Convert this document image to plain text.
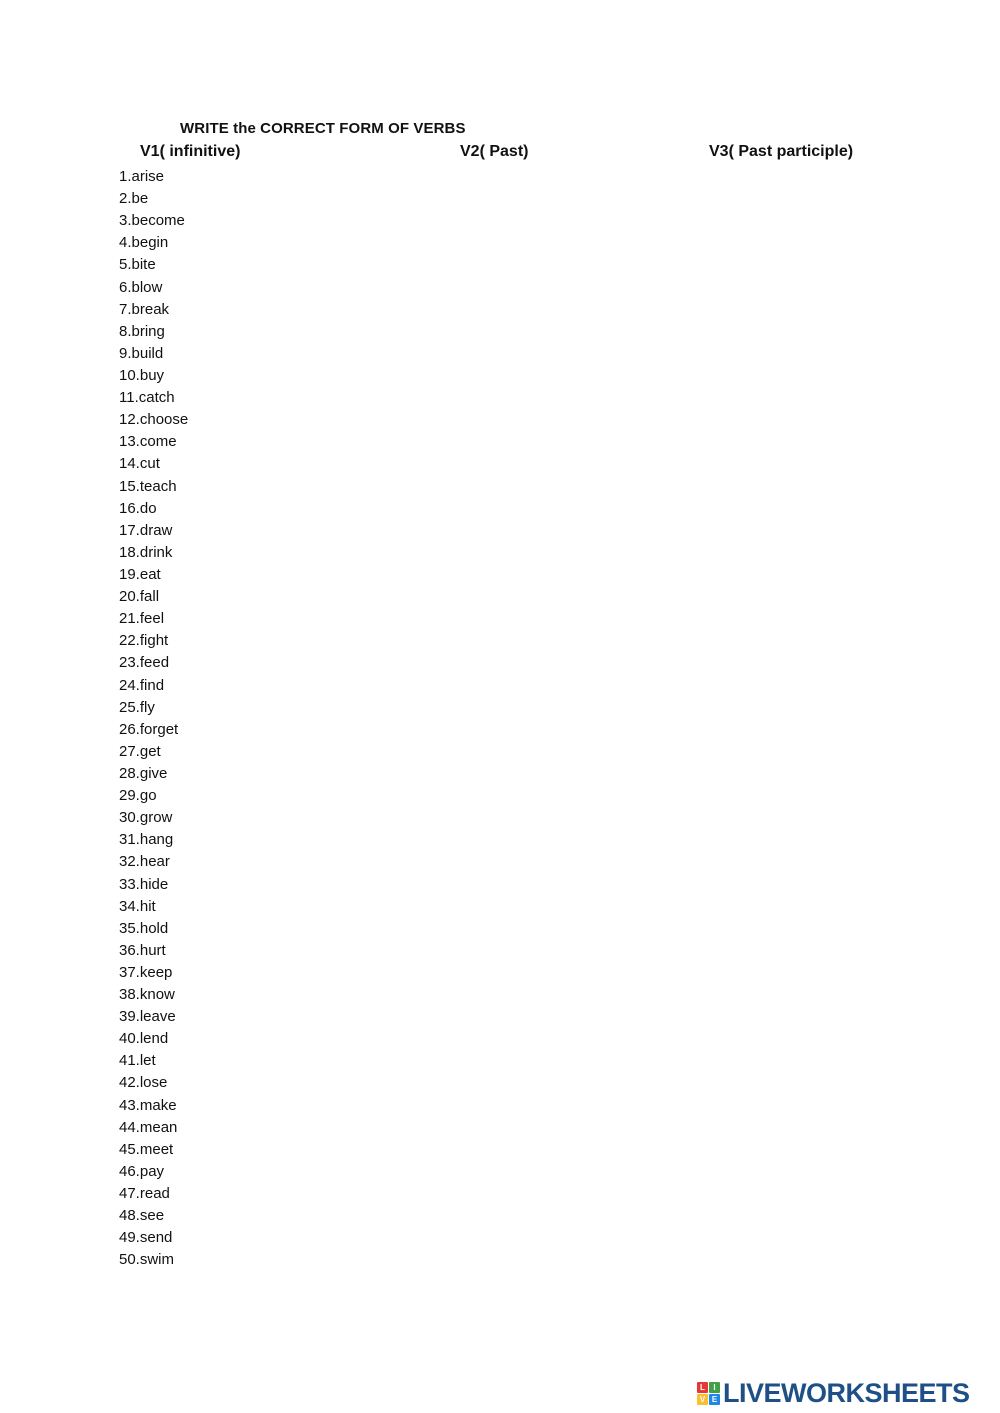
WRITE the CORRECT FORM OF VERBS
V1( infinitive)	V2( Past)	V3( Past participle)
1.arise
2.be
3.become
4.begin
5.bite
6.blow
7.break
8.bring
9.build
10.buy
11.catch
12.choose
13.come
14.cut
15.teach
16.do
17.draw
18.drink
19.eat
20.fall
21.feel
22.fight
23.feed
24.find
25.fly
26.forget
27.get
28.give
29.go
30.grow
31.hang
32.hear
33.hide
34.hit
35.hold
36.hurt
37.keep
38.know
39.leave
40.lend
41.let
42.lose
43.make
44.mean
45.meet
46.pay
47.read
48.see
49.send
50.swim
L	I
V E LIVEWORKSHEETS
